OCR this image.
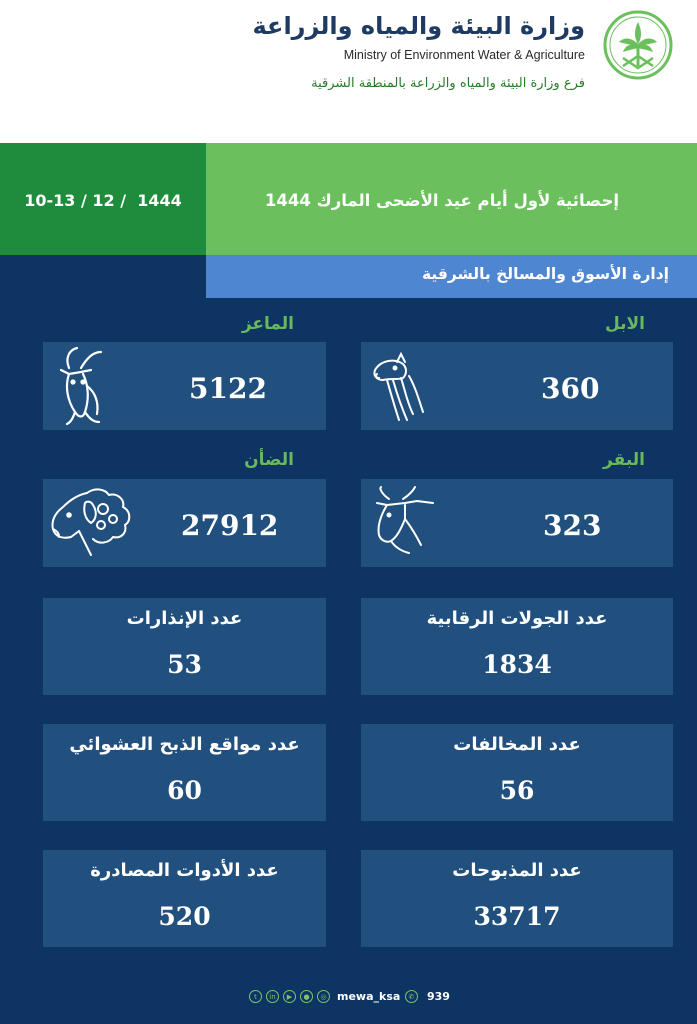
وزارة البيئة والمياه والزراعة
Ministry of Environment Water & Agriculture
فرع وزارة البيئة والمياه والزراعة بالمنطقة الشرقية
10-13 / 12 /  1444	إحصائية لأول أيام عيد الأضحى المارك 1444
إدارة الأسوق والمسالخ بالشرقية
الابل
الماعز
البقر
الضأن
360
5122
323
27912
عدد الجولات الرقابية
1834
عدد الإنذارات
53
عدد المخالفات
56
عدد مواقع الذبح العشوائي
60
عدد المذبوحات
33717
عدد الأدوات المصادرة
520
t	in	▶	●	◎ mewa_ksa	✆	939
